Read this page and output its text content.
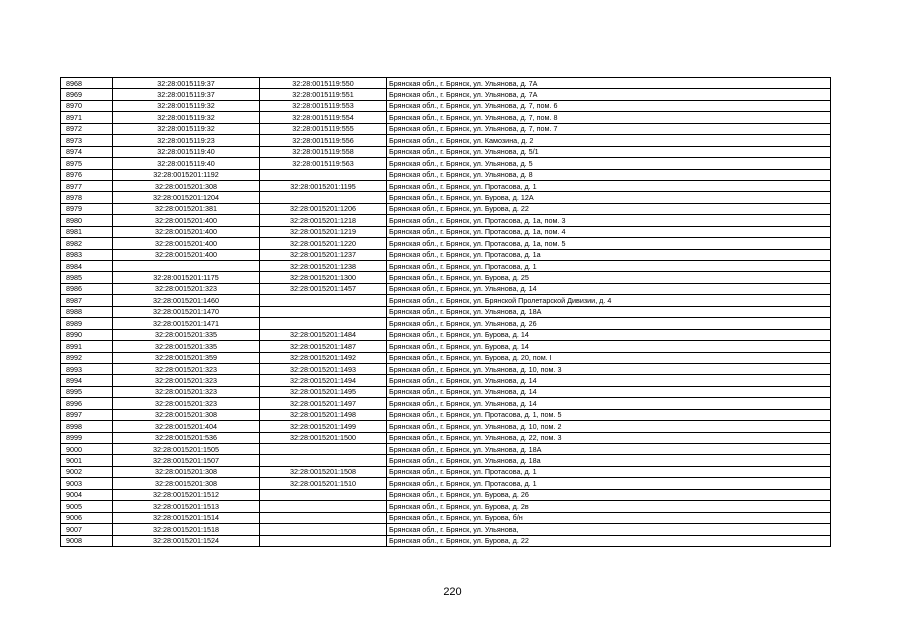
8968	32:28:0015119:37	32:28:0015119:550	Брянская обл., г. Брянск, ул. Ульянова, д. 7А
8969	32:28:0015119:37	32:28:0015119:551	Брянская обл., г. Брянск, ул. Ульянова, д. 7А
8970	32:28:0015119:32	32:28:0015119:553	Брянская обл., г. Брянск, ул. Ульянова, д. 7, пом. 6
8971	32:28:0015119:32	32:28:0015119:554	Брянская обл., г. Брянск, ул. Ульянова, д. 7, пом. 8
8972	32:28:0015119:32	32:28:0015119:555	Брянская обл., г. Брянск, ул. Ульянова, д. 7, пом. 7
8973	32:28:0015119:23	32:28:0015119:556	Брянская обл., г. Брянск, ул. Камозина, д. 2
8974	32:28:0015119:40	32:28:0015119:558	Брянская обл., г. Брянск, ул. Ульянова, д. 5/1
8975	32:28:0015119:40	32:28:0015119:563	Брянская обл., г. Брянск, ул. Ульянова, д. 5
8976	32:28:0015201:1192		Брянская обл., г. Брянск, ул. Ульянова, д. 8
8977	32:28:0015201:308	32:28:0015201:1195	Брянская обл., г. Брянск, ул. Протасова, д. 1
8978	32:28:0015201:1204		Брянская обл., г. Брянск, ул. Бурова, д. 12А
8979	32:28:0015201:381	32:28:0015201:1206	Брянская обл., г. Брянск, ул. Бурова, д. 22
8980	32:28:0015201:400	32:28:0015201:1218	Брянская обл., г. Брянск, ул. Протасова, д. 1а, пом. 3
8981	32:28:0015201:400	32:28:0015201:1219	Брянская обл., г. Брянск, ул. Протасова, д. 1а, пом. 4
8982	32:28:0015201:400	32:28:0015201:1220	Брянская обл., г. Брянск, ул. Протасова, д. 1а, пом. 5
8983	32:28:0015201:400	32:28:0015201:1237	Брянская обл., г. Брянск, ул. Протасова, д. 1а
8984		32:28:0015201:1238	Брянская обл., г. Брянск, ул. Протасова, д. 1
8985	32:28:0015201:1175	32:28:0015201:1300	Брянская обл., г. Брянск, ул. Бурова, д. 25
8986	32:28:0015201:323	32:28:0015201:1457	Брянская обл., г. Брянск, ул. Ульянова, д. 14
8987	32:28:0015201:1460		Брянская обл., г. Брянск, ул. Брянской Пролетарской Дивизии, д. 4
8988	32:28:0015201:1470		Брянская обл., г. Брянск, ул. Ульянова, д. 18А
8989	32:28:0015201:1471		Брянская обл., г. Брянск, ул. Ульянова, д. 26
8990	32:28:0015201:335	32:28:0015201:1484	Брянская обл., г. Брянск, ул. Бурова, д. 14
8991	32:28:0015201:335	32:28:0015201:1487	Брянская обл., г. Брянск, ул. Бурова, д. 14
8992	32:28:0015201:359	32:28:0015201:1492	Брянская обл., г. Брянск, ул. Бурова, д. 20, пом. I
8993	32:28:0015201:323	32:28:0015201:1493	Брянская обл., г. Брянск, ул. Ульянова, д. 10, пом. 3
8994	32:28:0015201:323	32:28:0015201:1494	Брянская обл., г. Брянск, ул. Ульянова, д. 14
8995	32:28:0015201:323	32:28:0015201:1495	Брянская обл., г. Брянск, ул. Ульянова, д. 14
8996	32:28:0015201:323	32:28:0015201:1497	Брянская обл., г. Брянск, ул. Ульянова, д. 14
8997	32:28:0015201:308	32:28:0015201:1498	Брянская обл., г. Брянск, ул. Протасова, д. 1, пом. 5
8998	32:28:0015201:404	32:28:0015201:1499	Брянская обл., г. Брянск, ул. Ульянова, д. 10, пом. 2
8999	32:28:0015201:536	32:28:0015201:1500	Брянская обл., г. Брянск, ул. Ульянова, д. 22, пом. 3
9000	32:28:0015201:1505		Брянская обл., г. Брянск, ул. Ульянова, д. 18А
9001	32:28:0015201:1507		Брянская обл., г. Брянск, ул. Ульянова, д. 18а
9002	32:28:0015201:308	32:28:0015201:1508	Брянская обл., г. Брянск, ул. Протасова, д. 1
9003	32:28:0015201:308	32:28:0015201:1510	Брянская обл., г. Брянск, ул. Протасова, д. 1
9004	32:28:0015201:1512		Брянская обл., г. Брянск, ул. Бурова, д. 26
9005	32:28:0015201:1513		Брянская обл., г. Брянск, ул. Бурова, д. 2в
9006	32:28:0015201:1514		Брянская обл., г. Брянск, ул. Бурова, б/н
9007	32:28:0015201:1518		Брянская обл., г. Брянск, ул. Ульянова,
9008	32:28:0015201:1524		Брянская обл., г. Брянск, ул. Бурова, д. 22
220
